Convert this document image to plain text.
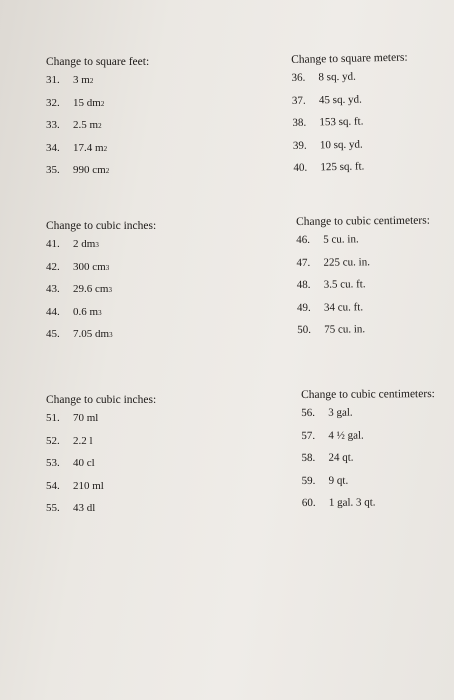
Change to square feet:
31.	3 m 2
32.	15 dm 2
33.	2.5 m 2
34.	17.4 m 2
35.	990 cm 2
Change to square meters:
36.	8 sq. yd.
37.	45 sq. yd.
38.	153 sq. ft.
39.	10 sq. yd.
40.	125 sq. ft.
Change to cubic inches:
41.	2 dm 3
42.	300 cm 3
43.	29.6 cm 3
44.	0.6 m 3
45.	7.05 dm 3
Change to cubic centimeters:
46.	5 cu. in.
47.	225 cu. in.
48.	3.5 cu. ft.
49.	34 cu. ft.
50.	75 cu. in.
Change to cubic inches:
51.	70 ml
52.	2.2 l
53.	40 cl
54.	210 ml
55.	43 dl
Change to cubic centimeters:
56.	3 gal.
57.	4 ½ gal.
58.	24 qt.
59.	9 qt.
60.	1 gal. 3 qt.
